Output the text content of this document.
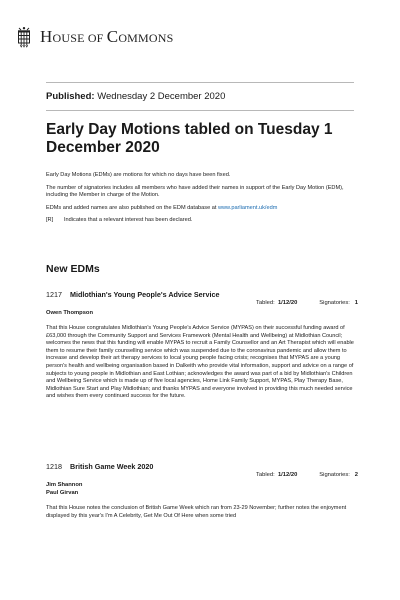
HOUSE OF COMMONS
Published: Wednesday 2 December 2020
Early Day Motions tabled on Tuesday 1 December 2020

Early Day Motions (EDMs) are motions for which no days have been fixed.

The number of signatories includes all members who have added their names in support of the Early Day Motion (EDM), including the Member in charge of the Motion.

EDMs and added names are also published on the EDM database at www.parliament.uk/edm

[R] Indicates that a relevant interest has been declared.

New EDMs
1217	Midlothian's Young People's Advice Service
Tabled:
1/12/20	Signatories:
1
Owen Thompson
That this House congratulates Midlothian's Young People's Advice Service (MYPAS) on their successful funding award of £63,000 through the Community Support and Services Framework (Mental Health and Wellbeing) at Midlothian Council; welcomes the news that this funding will enable MYPAS to recruit a Family Counsellor and an Art Therapist which will enable them to resume their family counselling service which was suspended due to the coronavirus pandemic and allow them to increase and develop their art therapy services to local young people facing crisis; recognises that MYPAS are a young person's health and wellbeing organisation based in Dalkeith who provide vital information, support and advice on a range of subjects to young people in Midlothian and East Lothian; acknowledges the award was part of a bid by Midlothian's Children and Wellbeing Service which is made up of five local agencies, Home Link Family Support, MYPAS, Play Therapy Base, Midlothian Sure Start and Play Midlothian; and thanks MYPAS and everyone involved in providing this much needed service and wishes them every continued success for the future.
1218	British Game Week 2020
Tabled:
1/12/20	Signatories:
2
Jim Shannon
Paul Girvan
That this House notes the conclusion of British Game Week which ran from 23-29 November; further notes the enjoyment displayed by this year's I'm A Celebrity, Get Me Out Of Here when some tried
